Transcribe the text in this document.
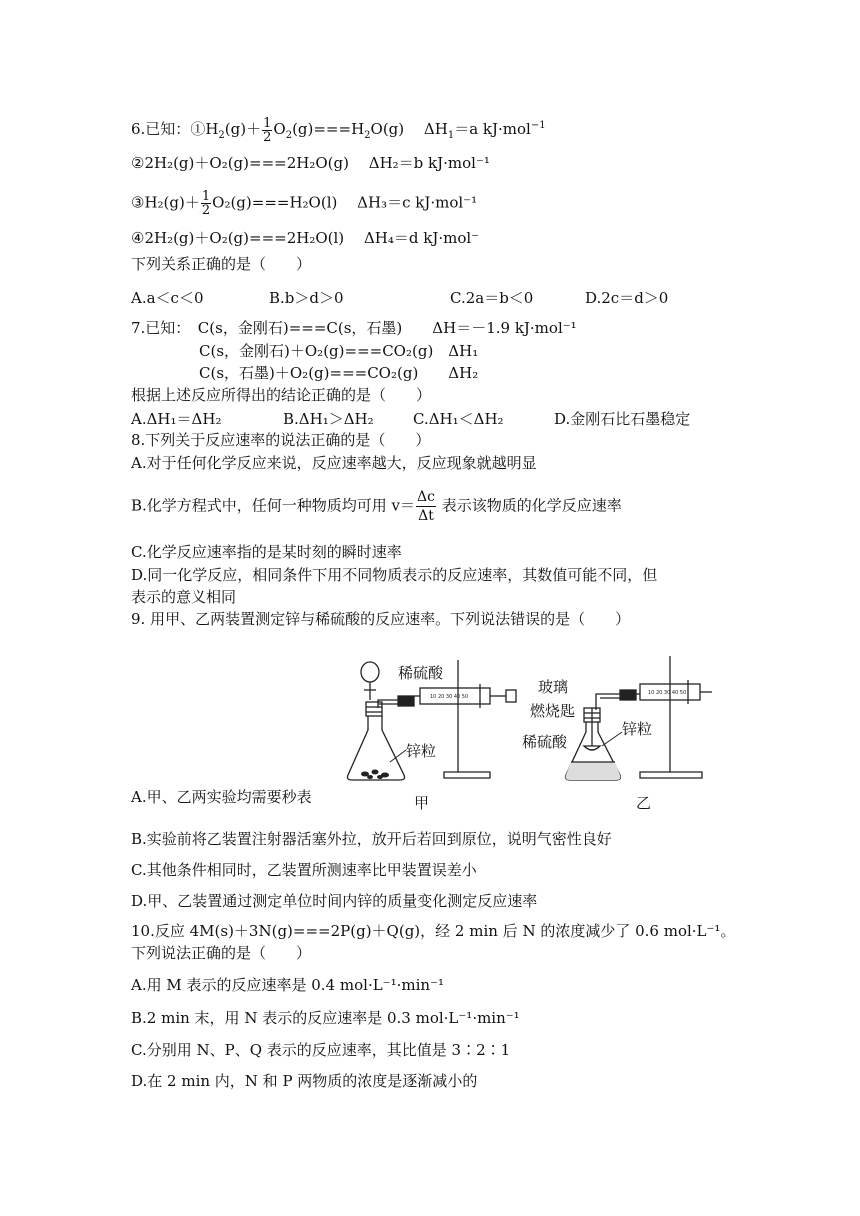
6.已知：$①H_2(g)+ \frac{1}{2} O_2(g)===H_2O(g)$　 $\Delta H_1=a$ kJ·mol$^{-1}$
②2H₂(g)＋O₂(g)===2H₂O(g)　 ΔH₂＝b kJ·mol⁻¹
③H₂(g)＋ $\frac{1}{2} O_2(g)===H_2O(l)$　 ΔH₃＝c kJ·mol⁻¹
④2H₂(g)＋O₂(g)===2H₂O(l)　 ΔH₄＝d kJ·mol⁻
下列关系正确的是（　　）
A.a＜c＜0	B.b＞d＞0	C.2a＝b＜0	D.2c＝d＞0
7.已知：　C(s，金刚石)===C(s，石墨)　　ΔH＝－1.9 kJ·mol⁻¹
C(s，金刚石)＋O₂(g)===CO₂(g)　ΔH₁
C(s，石墨)＋O₂(g)===CO₂(g)　　ΔH₂
根据上述反应所得出的结论正确的是（　　）
A.ΔH₁＝ΔH₂	B.ΔH₁＞ΔH₂	C.ΔH₁＜ΔH₂	D.金刚石比石墨稳定
8.下列关于反应速率的说法正确的是（　　）
A.对于任何化学反应来说，反应速率越大，反应现象就越明显
B.化学方程式中，任何一种物质均可用 $v= \frac{\Delta c}{\Delta t}$ 表示该物质的化学反应速率
C.化学反应速率指的是某时刻的瞬时速率
D.同一化学反应，相同条件下用不同物质表示的反应速率，其数值可能不同，但
表示的意义相同
9. 用甲、乙两装置测定锌与稀硫酸的反应速率。下列说法错误的是（　　）
10 20 30 40 50
稀硫酸
锌粒
甲
10 20 30 40 50
玻璃
燃烧匙
稀硫酸
锌粒
乙
A.甲、乙两实验均需要秒表
B.实验前将乙装置注射器活塞外拉，放开后若回到原位，说明气密性良好
C.其他条件相同时，乙装置所测速率比甲装置误差小
D.甲、乙装置通过测定单位时间内锌的质量变化测定反应速率
10.反应 4M(s)＋3N(g)===2P(g)＋Q(g)，经 2 min 后 N 的浓度减少了 0.6 mol·L⁻¹。
下列说法正确的是（　　）
A.用 M 表示的反应速率是 0.4 mol·L⁻¹·min⁻¹
B.2 min 末，用 N 表示的反应速率是 0.3 mol·L⁻¹·min⁻¹
C.分别用 N、P、Q 表示的反应速率，其比值是 3∶2∶1
D.在 2 min 内，N 和 P 两物质的浓度是逐渐减小的
